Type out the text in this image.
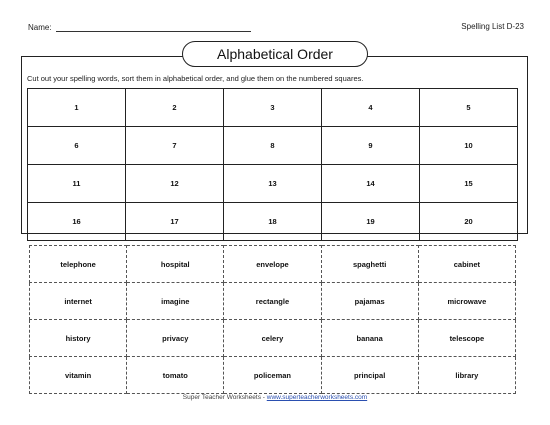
Name:	Spelling List D-23
Alphabetical Order
Cut out your spelling words, sort them in alphabetical order, and glue them on the numbered squares.
1	2	3	4	5
6	7	8	9	10
11	12	13	14	15
16	17	18	19	20
telephone	hospital	envelope	spaghetti	cabinet
internet	imagine	rectangle	pajamas	microwave
history	privacy	celery	banana	telescope
vitamin	tomato	policeman	principal	library
Super Teacher Worksheets - www.superteacherworksheets.com
